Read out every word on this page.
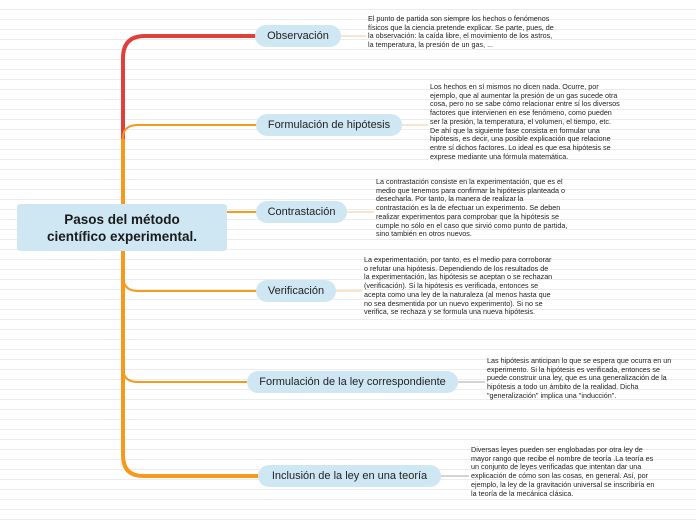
Pasos del método
científico experimental.
Observación
El punto de partida son siempre los hechos o fenómenos físicos que la ciencia pretende explicar. Se parte, pues, de la observación: la caída libre, el movimiento de los astros, la temperatura, la presión de un gas, ...
Formulación de hipótesis
Los hechos en sí mismos no dicen nada. Ocurre, por ejemplo, que al aumentar la presión de un gas sucede otra cosa, pero no se sabe cómo relacionar entre sí los diversos factores que intervienen en ese fenómeno, como pueden ser la presión, la temperatura, el volumen, el tiempo, etc. De ahí que la siguiente fase consista en formular una hipótesis, es decir, una posible explicación que relacione entre sí dichos factores. Lo ideal es que esa hipótesis se exprese mediante una fórmula matemática.
Contrastación
La contrastación consiste en la experimentación, que es el medio que tenemos para confirmar la hipótesis planteada o desecharla. Por tanto, la manera de realizar la contrastación es la de efectuar un experimento. Se deben realizar experimentos para comprobar que la hipótesis se cumple no sólo en el caso que sirvió como punto de partida, sino también en otros nuevos.
Verificación
La experimentación, por tanto, es el medio para corroborar o refutar una hipótesis. Dependiendo de los resultados de la experimentación, las hipótesis se aceptan o se rechazan (verificación). Si la hipótesis es verificada, entonces se acepta como una ley de la naturaleza (al menos hasta que no sea desmentida por un nuevo experimento). Si no se verifica, se rechaza y se formula una nueva hipótesis.
Formulación de la ley correspondiente
Las hipótesis anticipan lo que se espera que ocurra en un experimento. Si la hipótesis es verificada, entonces se puede construir una ley, que es una generalización de la hipótesis a todo un ámbito de la realidad. Dicha "generalización" implica una "inducción".
Inclusión de la ley en una teoría
Diversas leyes pueden ser englobadas por otra ley de mayor rango que recibe el nombre de teoría .La teoría es un conjunto de leyes verificadas que intentan dar una explicación de cómo son las cosas, en general. Así, por ejemplo, la ley de la gravitación universal se inscribiría en la teoría de la mecánica clásica.
